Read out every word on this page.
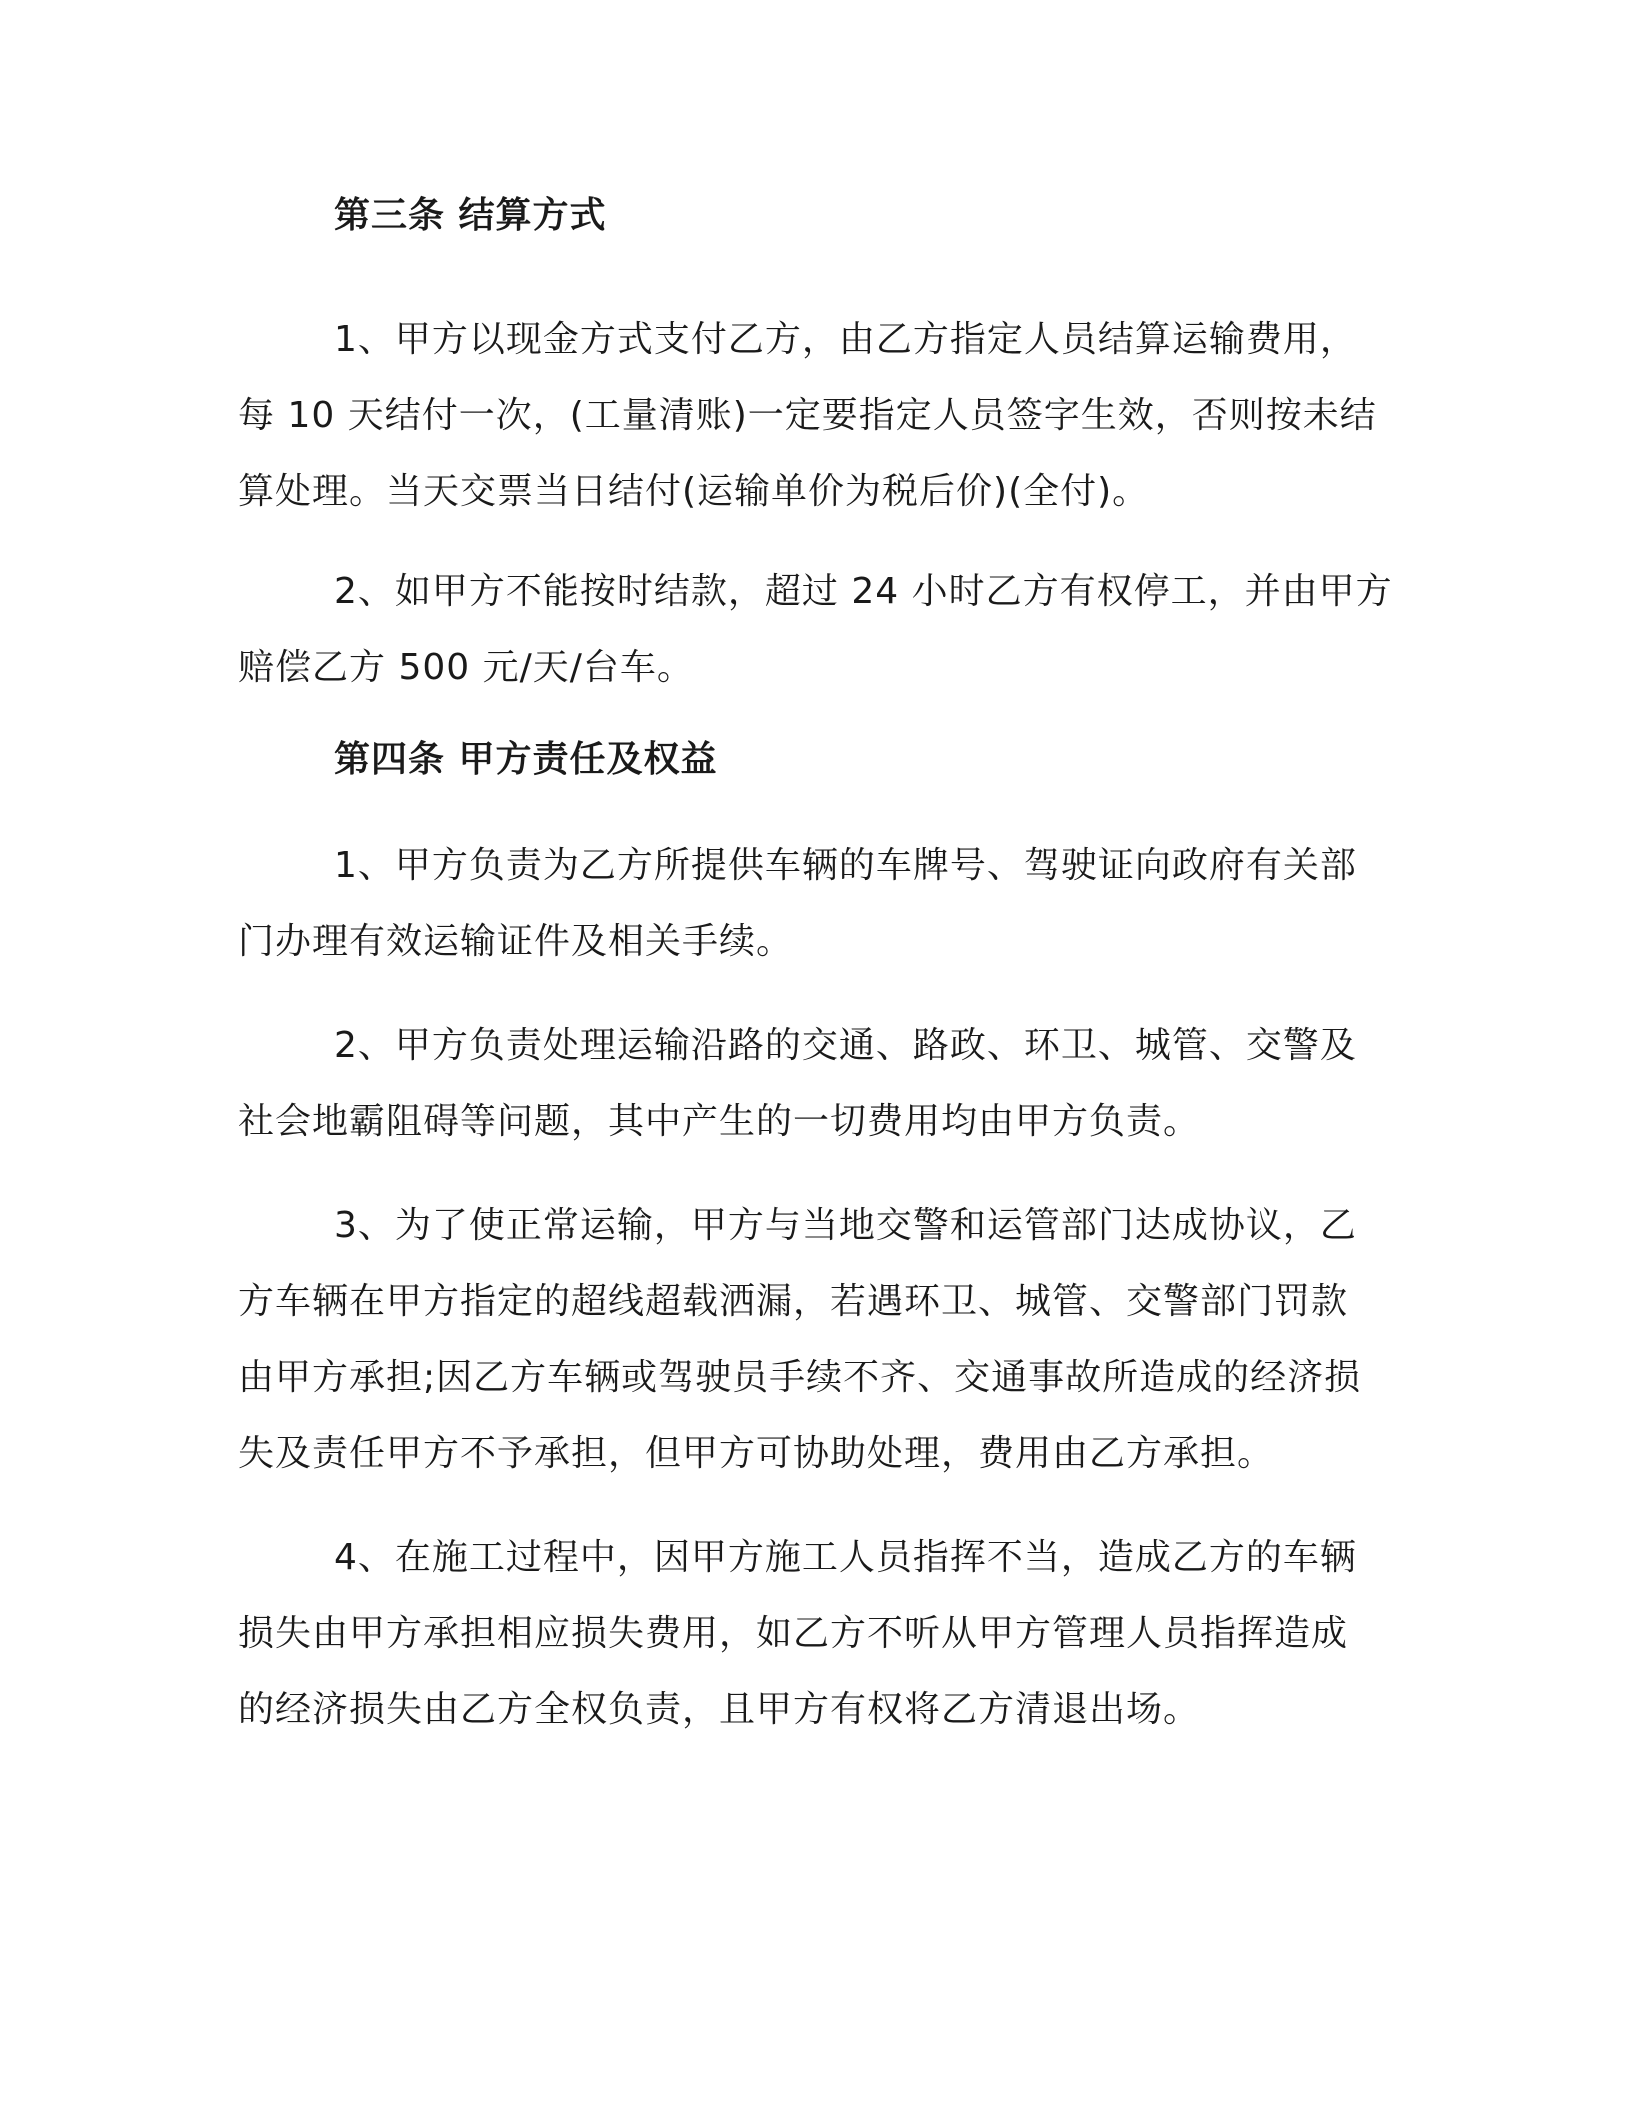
第三条 结算方式

1、甲方以现金方式支付乙方，由乙方指定人员结算运输费用，
每 10 天结付一次，(工量清账)一定要指定人员签字生效，否则按未结
算处理。当天交票当日结付(运输单价为税后价)(全付)。

2、如甲方不能按时结款，超过 24 小时乙方有权停工，并由甲方
赔偿乙方 500 元/天/台车。

第四条 甲方责任及权益

1、甲方负责为乙方所提供车辆的车牌号、驾驶证向政府有关部
门办理有效运输证件及相关手续。

2、甲方负责处理运输沿路的交通、路政、环卫、城管、交警及
社会地霸阻碍等问题，其中产生的一切费用均由甲方负责。

3、为了使正常运输，甲方与当地交警和运管部门达成协议，乙
方车辆在甲方指定的超线超载洒漏，若遇环卫、城管、交警部门罚款
由甲方承担;因乙方车辆或驾驶员手续不齐、交通事故所造成的经济损
失及责任甲方不予承担，但甲方可协助处理，费用由乙方承担。

4、在施工过程中，因甲方施工人员指挥不当，造成乙方的车辆
损失由甲方承担相应损失费用，如乙方不听从甲方管理人员指挥造成
的经济损失由乙方全权负责，且甲方有权将乙方清退出场。
